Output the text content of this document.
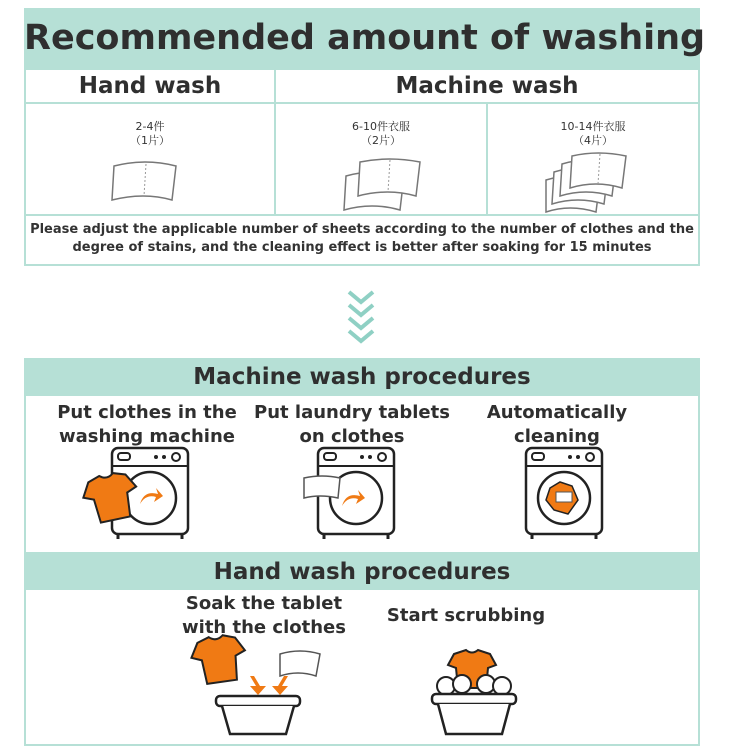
Recommended amount of washing
Hand wash	Machine wash
2-4件
（1片）
6-10件衣服
（2片）
10-14件衣服
（4片）
Please adjust the applicable number of sheets according to the number of clothes and the degree of stains, and the cleaning effect is better after soaking for 15 minutes
Machine wash procedures
Put clothes in the washing machine
Put laundry tablets on clothes
Automatically cleaning
Hand wash procedures
Soak the tablet with the clothes
Start scrubbing
